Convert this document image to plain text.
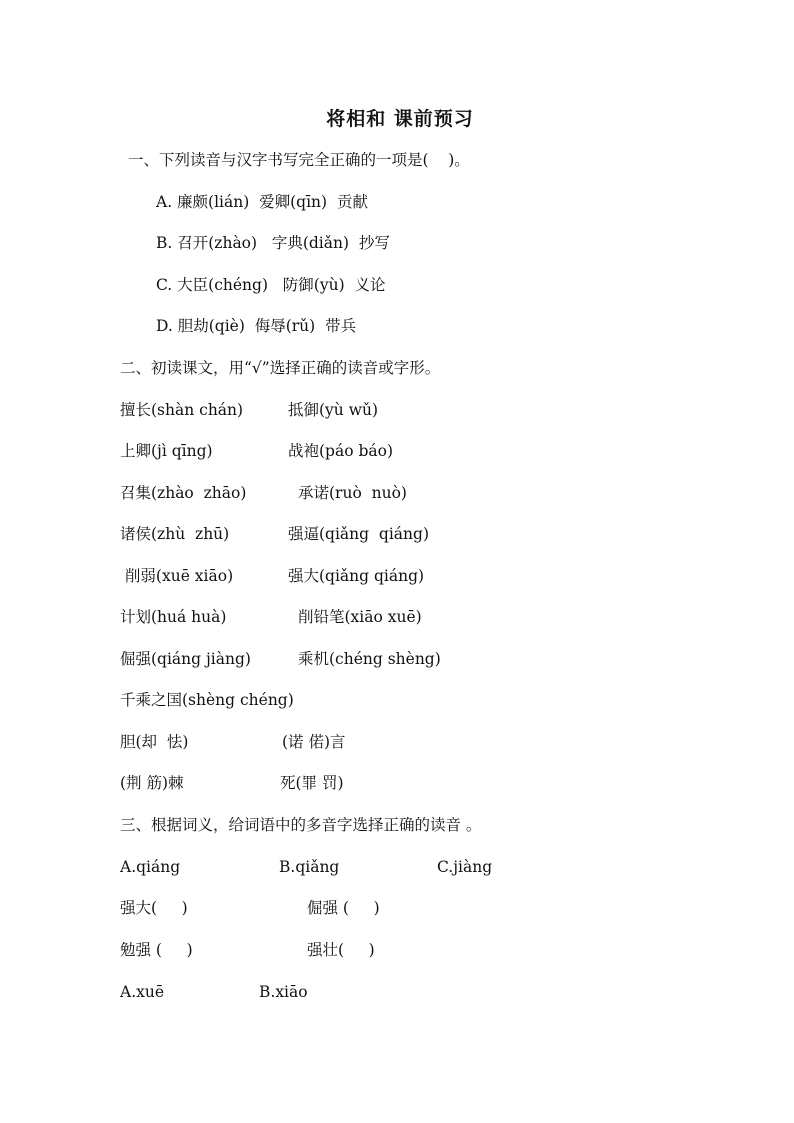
将相和 课前预习
一、下列读音与汉字书写完全正确的一项是(    )。
A. 廉颇(lián)  爱卿(qīn)  贡献
B. 召开(zhào)   字典(diǎn)  抄写
C. 大臣(chéng)   防御(yù)  义论
D. 胆劫(qiè)  侮辱(rǔ)  带兵
二、初读课文，用“√”选择正确的读音或字形。
擅长(shàn chán)	抵御(yù wǔ)
上卿(jì qīng)	战袍(páo báo)
召集(zhào  zhāo)	承诺(ruò  nuò)
诸侯(zhù  zhū)	强逼(qiǎng  qiáng)
削弱(xuē xiāo)	强大(qiǎng qiáng)
计划(huá huà)	削铅笔(xiāo xuē)
倔强(qiáng jiàng)	乘机(chéng shèng)
千乘之国(shèng chéng)
胆(却  怯)	(诺 偌)言
(荆 筋)棘	死(罪 罚)
三、根据词义，给词语中的多音字选择正确的读音 。
A.qiáng	B.qiǎng	C.jiàng
强大(     )	倔强 (     )
勉强 (     )	强壮(     )
A.xuē	B.xiāo
